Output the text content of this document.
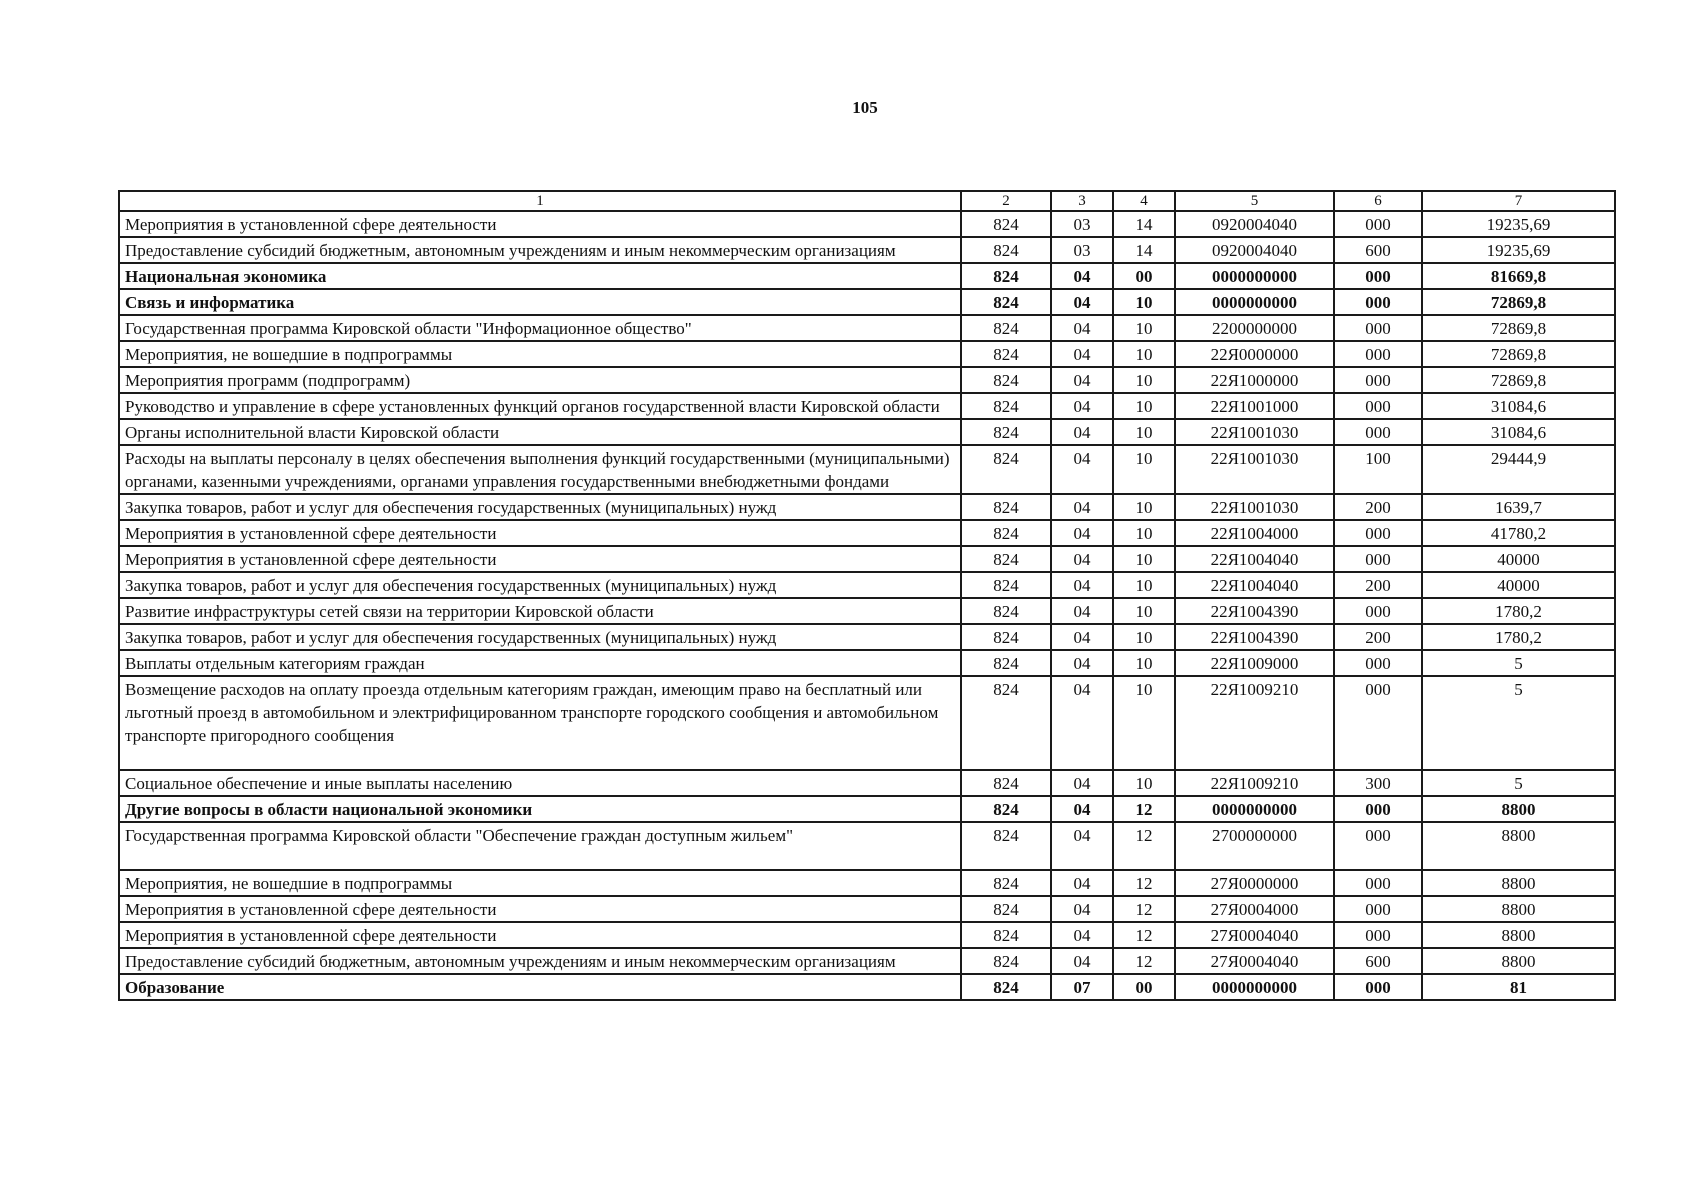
105
1	2	3	4	5	6	7
Мероприятия в установленной сфере деятельности	824	03	14	0920004040	000	19235,69
Предоставление субсидий бюджетным, автономным учреждениям и иным некоммерческим организациям	824	03	14	0920004040	600	19235,69
Национальная экономика	824	04	00	0000000000	000	81669,8
Связь и информатика	824	04	10	0000000000	000	72869,8
Государственная программа Кировской области "Информационное общество"	824	04	10	2200000000	000	72869,8
Мероприятия, не вошедшие в подпрограммы	824	04	10	22Я0000000	000	72869,8
Мероприятия программ (подпрограмм)	824	04	10	22Я1000000	000	72869,8
Руководство и управление в сфере установленных функций органов государственной власти Кировской области	824	04	10	22Я1001000	000	31084,6
Органы исполнительной власти Кировской области	824	04	10	22Я1001030	000	31084,6
Расходы на выплаты персоналу в целях обеспечения выполнения функций государственными (муниципальными) органами, казенными учреждениями, органами управления государственными внебюджетными фондами	824	04	10	22Я1001030	100	29444,9
Закупка товаров, работ и услуг для обеспечения государственных (муниципальных) нужд	824	04	10	22Я1001030	200	1639,7
Мероприятия в установленной сфере деятельности	824	04	10	22Я1004000	000	41780,2
Мероприятия в установленной сфере деятельности	824	04	10	22Я1004040	000	40000
Закупка товаров, работ и услуг для обеспечения государственных (муниципальных) нужд	824	04	10	22Я1004040	200	40000
Развитие инфраструктуры сетей связи на территории Кировской области	824	04	10	22Я1004390	000	1780,2
Закупка товаров, работ и услуг для обеспечения государственных (муниципальных) нужд	824	04	10	22Я1004390	200	1780,2
Выплаты отдельным категориям граждан	824	04	10	22Я1009000	000	5
Возмещение расходов на оплату проезда отдельным категориям граждан, имеющим право на бесплатный или льготный проезд в автомобильном и электрифицированном транспорте городского сообщения и автомобильном транспорте пригородного сообщения	824	04	10	22Я1009210	000	5
Социальное обеспечение и иные выплаты населению	824	04	10	22Я1009210	300	5
Другие вопросы в области национальной экономики	824	04	12	0000000000	000	8800
Государственная программа Кировской области "Обеспечение граждан доступным жильем"	824	04	12	2700000000	000	8800
Мероприятия, не вошедшие в подпрограммы	824	04	12	27Я0000000	000	8800
Мероприятия в установленной сфере деятельности	824	04	12	27Я0004000	000	8800
Мероприятия в установленной сфере деятельности	824	04	12	27Я0004040	000	8800
Предоставление субсидий бюджетным, автономным учреждениям и иным некоммерческим организациям	824	04	12	27Я0004040	600	8800
Образование	824	07	00	0000000000	000	81
